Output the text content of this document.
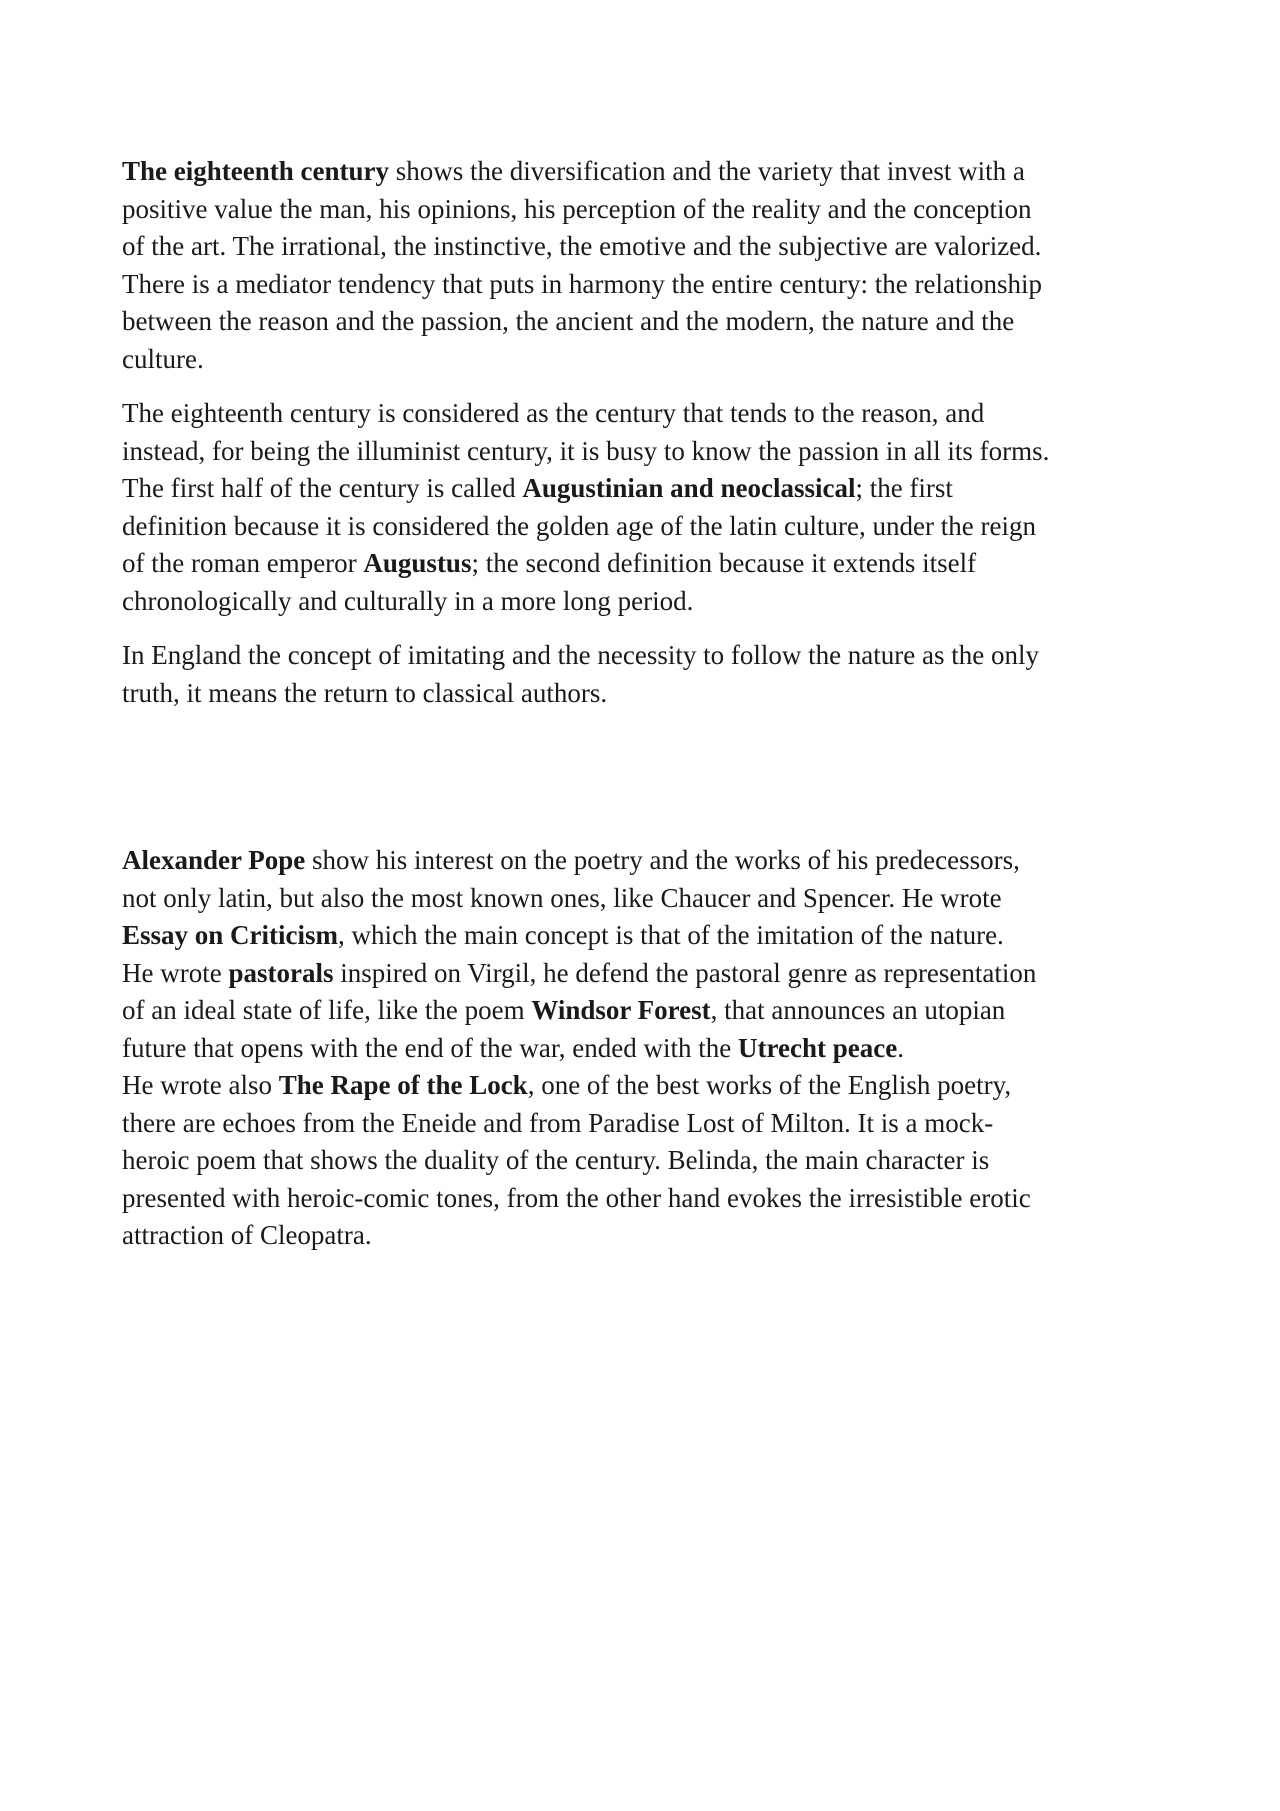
The eighteenth century shows the diversification and the variety that invest with a
positive value the man, his opinions, his perception of the reality and the conception
of the art. The irrational, the instinctive, the emotive and the subjective are valorized.
There is a mediator tendency that puts in harmony the entire century: the relationship
between the reason and the passion, the ancient and the modern, the nature and the
culture.

The eighteenth century is considered as the century that tends to the reason, and
instead, for being the illuminist century, it is busy to know the passion in all its forms.
The first half of the century is called Augustinian and neoclassical; the first
definition because it is considered the golden age of the latin culture, under the reign
of the roman emperor Augustus; the second definition because it extends itself
chronologically and culturally in a more long period.

In England the concept of imitating and the necessity to follow the nature as the only
truth, it means the return to classical authors.

Alexander Pope show his interest on the poetry and the works of his predecessors,
not only latin, but also the most known ones, like Chaucer and Spencer. He wrote
Essay on Criticism, which the main concept is that of the imitation of the nature.
He wrote pastorals inspired on Virgil, he defend the pastoral genre as representation
of an ideal state of life, like the poem Windsor Forest, that announces an utopian
future that opens with the end of the war, ended with the Utrecht peace.
He wrote also The Rape of the Lock, one of the best works of the English poetry,
there are echoes from the Eneide and from Paradise Lost of Milton. It is a mock-
heroic poem that shows the duality of the century. Belinda, the main character is
presented with heroic-comic tones, from the other hand evokes the irresistible erotic
attraction of Cleopatra.
